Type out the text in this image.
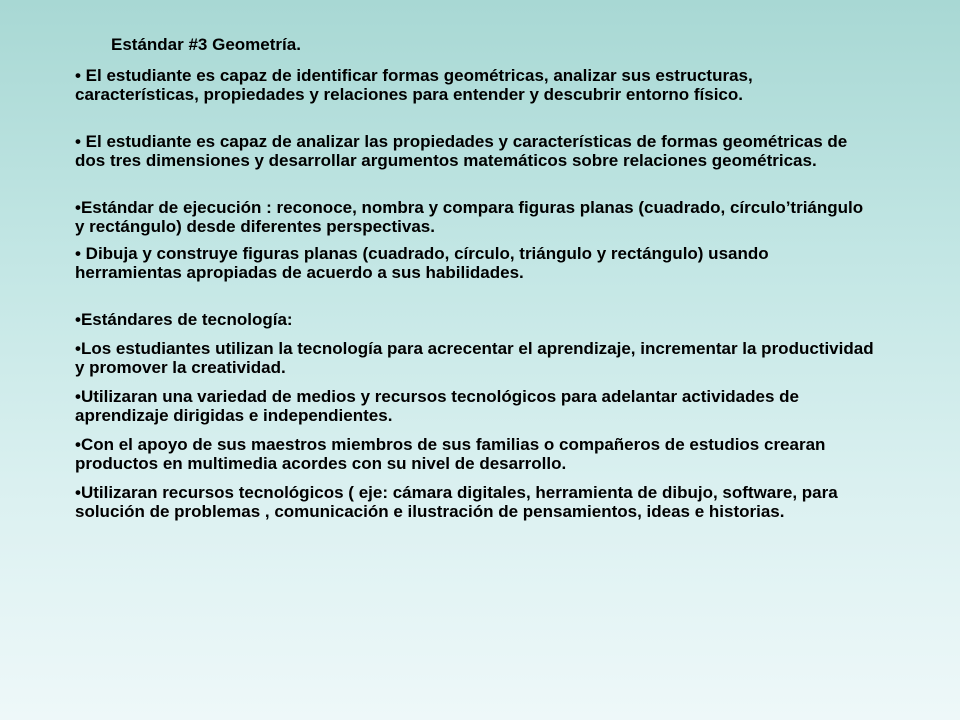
Estándar #3 Geometría.

• El estudiante es capaz de identificar formas geométricas, analizar sus estructuras, características, propiedades y relaciones para entender y descubrir entorno físico.

• El estudiante es capaz de analizar las propiedades y características de formas geométricas de dos tres dimensiones y desarrollar argumentos matemáticos sobre relaciones geométricas.

•Estándar de ejecución : reconoce, nombra y compara figuras planas (cuadrado, círculo’triángulo y rectángulo) desde diferentes perspectivas.

• Dibuja y construye figuras planas (cuadrado, círculo, triángulo y rectángulo) usando herramientas apropiadas de acuerdo a sus habilidades.

•Estándares de tecnología:

•Los estudiantes utilizan la tecnología para acrecentar el aprendizaje, incrementar la productividad y promover la creatividad.

•Utilizaran una variedad de medios y recursos tecnológicos para adelantar actividades de aprendizaje dirigidas e independientes.

•Con el apoyo de sus maestros miembros de sus familias o compañeros de estudios crearan productos en multimedia acordes con su nivel de desarrollo.

•Utilizaran recursos tecnológicos ( eje: cámara digitales, herramienta de dibujo, software, para solución de problemas , comunicación e ilustración de pensamientos, ideas e historias.
